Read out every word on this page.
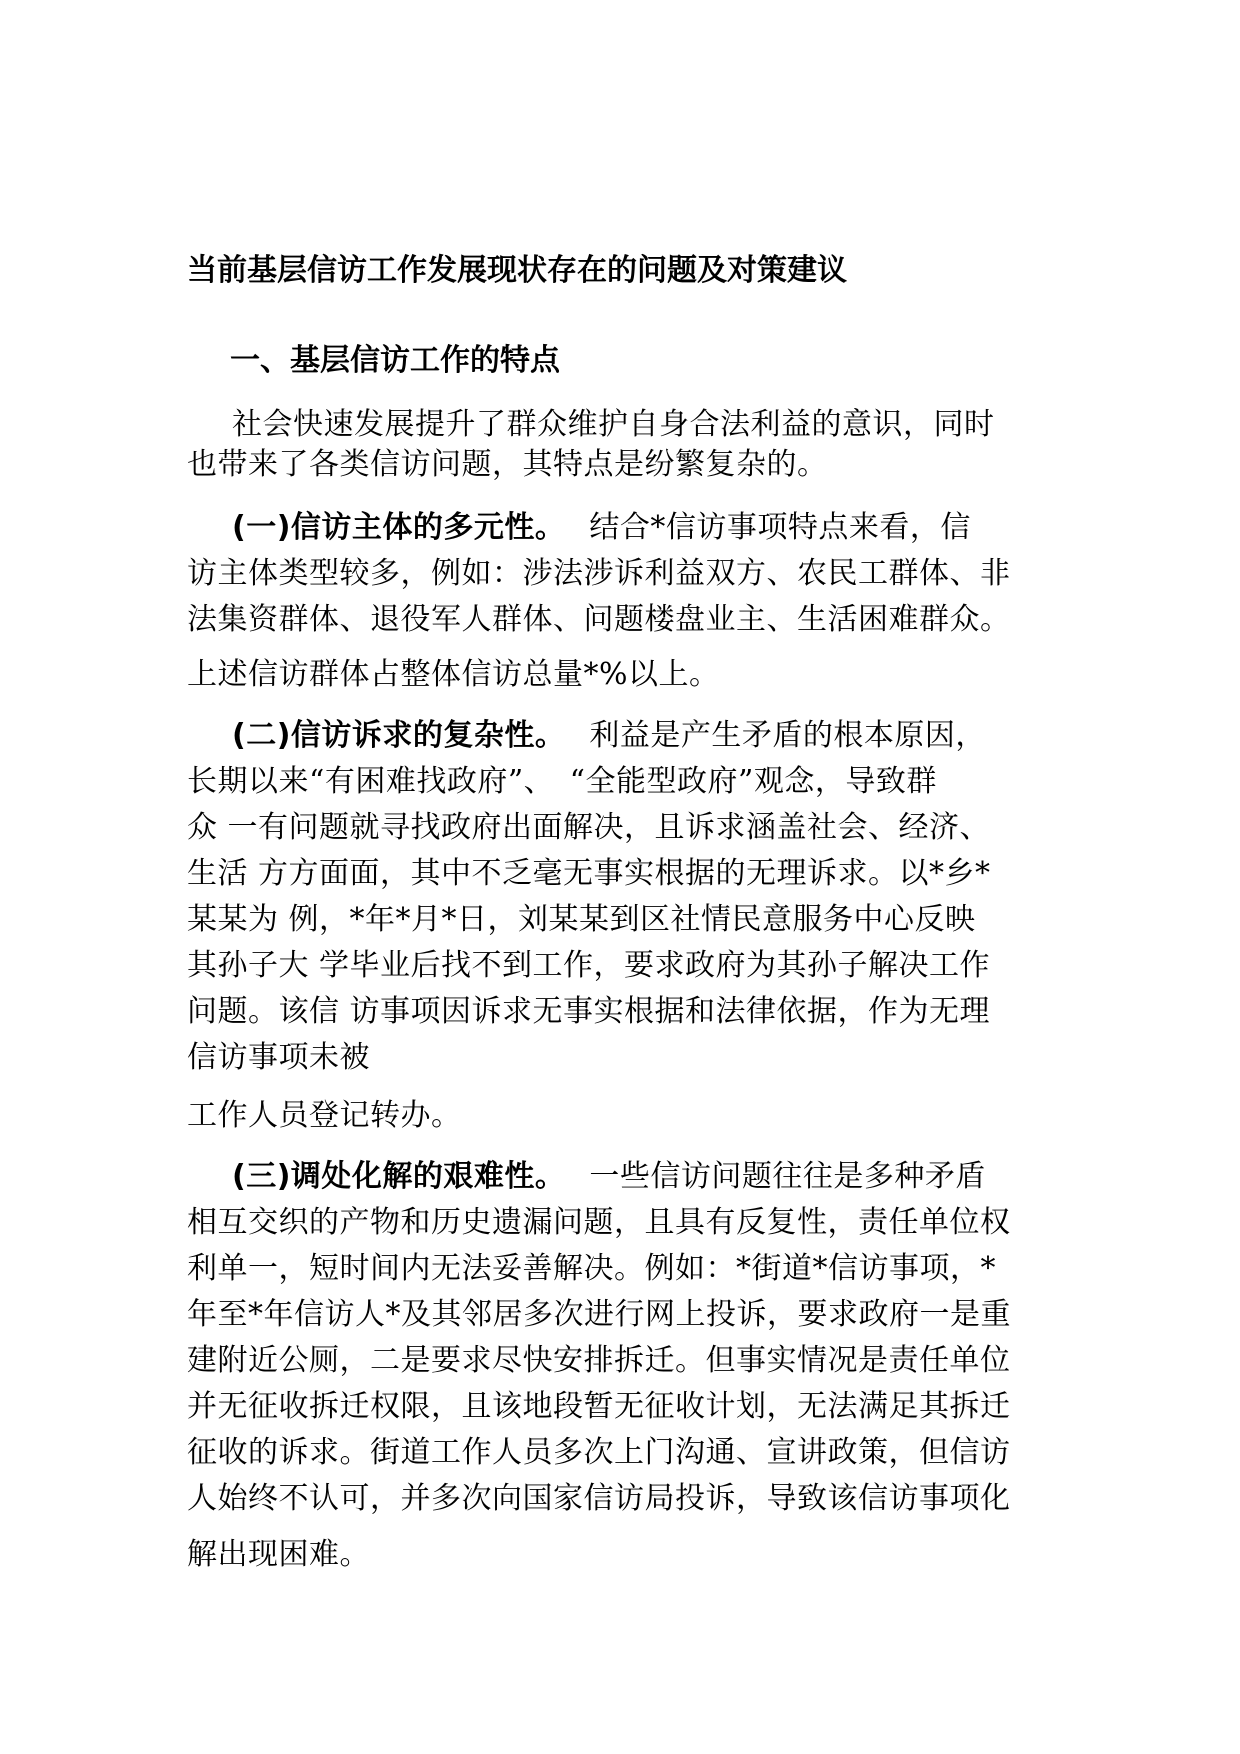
当前基层信访工作发展现状存在的问题及对策建议

一、基层信访工作的特点

社会快速发展提升了群众维护自身合法利益的意识，同时

也带来了各类信访问题，其特点是纷繁复杂的。

(一)信访主体的多元性。 结合*信访事项特点来看，信

访主体类型较多，例如：涉法涉诉利益双方、农民工群体、非

法集资群体、退役军人群体、问题楼盘业主、生活困难群众。

上述信访群体占整体信访总量*%以上。

(二)信访诉求的复杂性。 利益是产生矛盾的根本原因，

长期以来“有困难找政府”、　“全能型政府”观念，导致群

众 一有问题就寻找政府出面解决，且诉求涵盖社会、经济、

生活 方方面面，其中不乏毫无事实根据的无理诉求。以*乡*

某某为 例，*年*月*日，刘某某到区社情民意服务中心反映

其孙子大 学毕业后找不到工作，要求政府为其孙子解决工作

问题。该信 访事项因诉求无事实根据和法律依据，作为无理

信访事项未被

工作人员登记转办。

(三)调处化解的艰难性。 一些信访问题往往是多种矛盾

相互交织的产物和历史遗漏问题，且具有反复性，责任单位权

利单一，短时间内无法妥善解决。例如：*街道*信访事项，*

年至*年信访人*及其邻居多次进行网上投诉，要求政府一是重

建附近公厕，二是要求尽快安排拆迁。但事实情况是责任单位

并无征收拆迁权限，且该地段暂无征收计划，无法满足其拆迁

征收的诉求。街道工作人员多次上门沟通、宣讲政策，但信访

人始终不认可，并多次向国家信访局投诉，导致该信访事项化

解出现困难。
